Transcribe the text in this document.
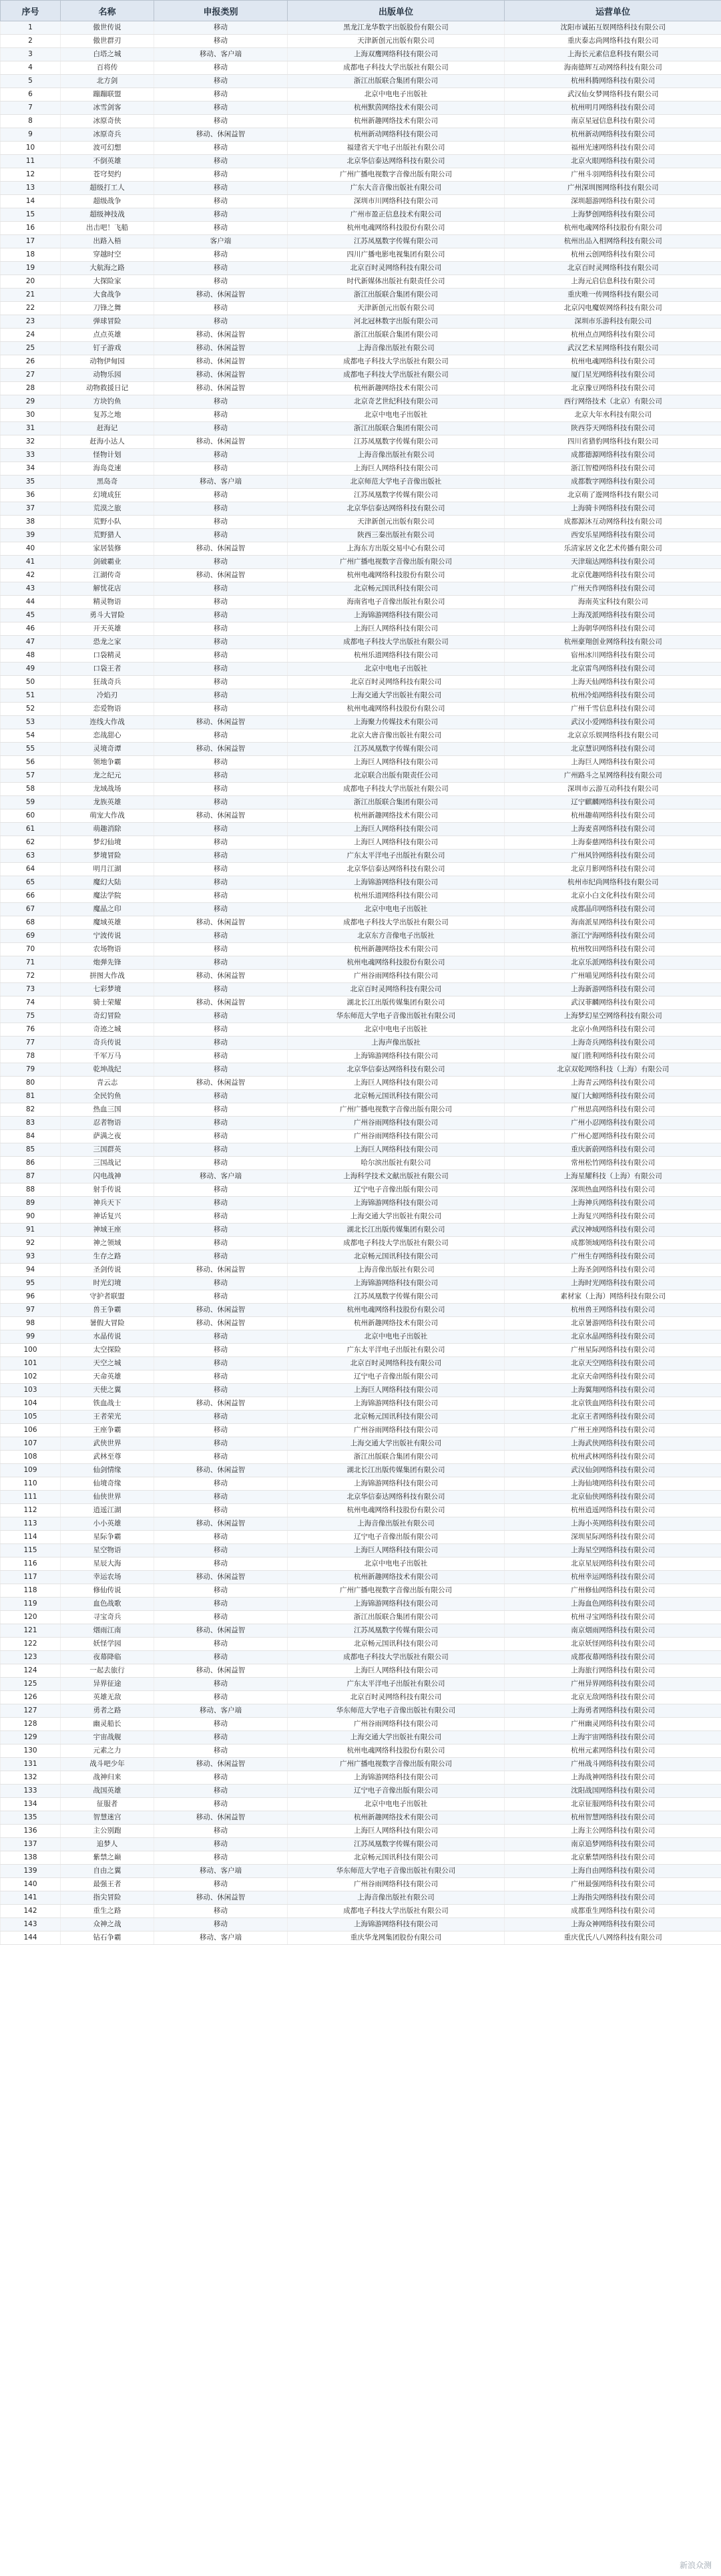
序号	名称	申报类别	出版单位	运营单位
1	傲世传说	移动	黑龙江龙华数字出版股份有限公司	沈阳市诚拓互娱网络科技有限公司
2	傲世群刃	移动	天津新创元出版有限公司	重庆泰志尚网络科技有限公司
3	白塔之城	移动、客户端	上海双鹰网络科技有限公司	上海长元素信息科技有限公司
4	百将传	移动	成都电子科技大学出版社有限公司	海南德辉互动网络科技有限公司
5	北方剑	移动	浙江出版联合集团有限公司	杭州科腾网络科技有限公司
6	蹦蹦联盟	移动	北京中电电子出版社	武汉仙女梦网络科技有限公司
7	冰雪剑客	移动	杭州默茵网络技术有限公司	杭州明月网络科技有限公司
8	冰原奇侠	移动	杭州新趣网络技术有限公司	南京星冠信息科技有限公司
9	冰原奇兵	移动、休闲益智	杭州新动网络科技有限公司	杭州新动网络科技有限公司
10	波可幻想	移动	福建省天宇电子出版社有限公司	福州光速网络科技有限公司
11	不倒英雄	移动	北京华信泰达网络科技有限公司	北京火眼网络科技有限公司
12	苍穹契约	移动	广州广播电视数字音像出版有限公司	广州斗羽网络科技有限公司
13	超级打工人	移动	广东大音音像出版社有限公司	广州深圳图网络科技有限公司
14	超级战争	移动	深圳市川网络科技有限公司	深圳超游网络科技有限公司
15	超级神技战	移动	广州市盈正信息技术有限公司	上海梦创网络科技有限公司
16	出击吧！飞船	移动	杭州电魂网络科技股份有限公司	杭州电魂网络科技股份有限公司
17	出路入梧	客户端	江苏凤凰数字传媒有限公司	杭州出品入相网络科技有限公司
18	穿越时空	移动	四川广播电影电视集团有限公司	杭州云创网络科技有限公司
19	大航海之路	移动	北京百时灵网络科技有限公司	北京百时灵网络科技有限公司
20	大探险家	移动	时代新媒体出版社有限责任公司	上海元启信息科技有限公司
21	大食战争	移动、休闲益智	浙江出版联合集团有限公司	重庆唯一传网络科技有限公司
22	刀锋之舞	移动	天津新创元出版有限公司	北京闪电魔娱网络科技有限公司
23	弹球冒险	移动	河北冠林数字出版有限公司	深圳市乐游科技有限公司
24	点点英雄	移动、休闲益智	浙江出版联合集团有限公司	杭州点点网络科技有限公司
25	钉子游戏	移动、休闲益智	上海音像出版社有限公司	武汉艺术星网络科技有限公司
26	动物伊甸园	移动、休闲益智	成都电子科技大学出版社有限公司	杭州电魂网络科技有限公司
27	动物乐园	移动、休闲益智	成都电子科技大学出版社有限公司	厦门星光网络科技有限公司
28	动物救援日记	移动、休闲益智	杭州新趣网络技术有限公司	北京豫豆网络科技有限公司
29	方块钓鱼	移动	北京奇艺世纪科技有限公司	西行网络技术（北京）有限公司
30	复苏之地	移动	北京中电电子出版社	北京大年水科技有限公司
31	赶海记	移动	浙江出版联合集团有限公司	陕西芬天网络科技有限公司
32	赶海小达人	移动、休闲益智	江苏凤凰数字传媒有限公司	四川省猎豹网络科技有限公司
33	怪物计划	移动	上海音像出版社有限公司	成都德源网络科技有限公司
34	海岛竞速	移动	上海巨人网络科技有限公司	浙江智橙网络科技有限公司
35	黑岛奇	移动、客户端	北京师范大学电子音像出版社	成都数字网络科技有限公司
36	幻境成狂	移动	江苏凤凰数字传媒有限公司	北京萌了遊网络科技有限公司
37	荒漠之旅	移动	北京华信泰达网络科技有限公司	上海骑卡网络科技有限公司
38	荒野小队	移动	天津新创元出版有限公司	成都源沐互动网络科技有限公司
39	荒野猎人	移动	陕西三秦出版社有限公司	西安乐星网络科技有限公司
40	家居装修	移动、休闲益智	上海东方出版交易中心有限公司	乐清家居文化艺术传播有限公司
41	剑破霸业	移动	广州广播电视数字音像出版有限公司	天津瑞达网络科技有限公司
42	江湖传奇	移动、休闲益智	杭州电魂网络科技股份有限公司	北京优趣网络科技有限公司
43	解忧花店	移动	北京畅元国讯科技有限公司	广州天作网络科技有限公司
44	精灵物语	移动	海南省电子音像出版社有限公司	海南英宝科技有限公司
45	勇斗大冒险	移动	上海锦游网络科技有限公司	上海茂派网络科技有限公司
46	开天英雄	移动	上海巨人网络科技有限公司	上海朝华网络科技有限公司
47	恐龙之家	移动	成都电子科技大学出版社有限公司	杭州豪翔创业网络科技有限公司
48	口袋精灵	移动	杭州乐道网络科技有限公司	宿州冰川网络科技有限公司
49	口袋王者	移动	北京中电电子出版社	北京雷鸟网络科技有限公司
50	狂战奇兵	移动	北京百时灵网络科技有限公司	上海天仙网络科技有限公司
51	冷焰刃	移动	上海交通大学出版社有限公司	杭州冷焰网络科技有限公司
52	恋爱物语	移动	杭州电魂网络科技股份有限公司	广州千雪信息科技有限公司
53	连线大作战	移动、休闲益智	上海聚力传媒技术有限公司	武汉小爱网络科技有限公司
54	恋战甜心	移动	北京大唐音像出版社有限公司	北京京乐娱网络科技有限公司
55	灵境奇谭	移动、休闲益智	江苏凤凰数字传媒有限公司	北京慧识网络科技有限公司
56	领地争霸	移动	上海巨人网络科技有限公司	上海巨人网络科技有限公司
57	龙之纪元	移动	北京联合出版有限责任公司	广州路斗之星网络科技有限公司
58	龙域战场	移动	成都电子科技大学出版社有限公司	深圳市云游互动科技有限公司
59	龙族英雄	移动	浙江出版联合集团有限公司	辽宁麒麟网络科技有限公司
60	萌宠大作战	移动、休闲益智	杭州新趣网络技术有限公司	杭州趣萌网络科技有限公司
61	萌趣消除	移动	上海巨人网络科技有限公司	上海麦喜网络科技有限公司
62	梦幻仙境	移动	上海巨人网络科技有限公司	上海泰慈网络科技有限公司
63	梦境冒险	移动	广东太平洋电子出版社有限公司	广州风铃网络科技有限公司
64	明月江湖	移动	北京华信泰达网络科技有限公司	北京月影网络科技有限公司
65	魔幻大陆	移动	上海锦游网络科技有限公司	杭州市纪尚网络科技有限公司
66	魔法学院	移动	杭州乐道网络科技有限公司	北京小白文化科技有限公司
67	魔晶之印	移动	北京中电电子出版社	成都晶印网络科技有限公司
68	魔域英雄	移动、休闲益智	成都电子科技大学出版社有限公司	海南派星网络科技有限公司
69	宁波传说	移动	北京东方音像电子出版社	浙江宁海网络科技有限公司
70	农场物语	移动	杭州新趣网络技术有限公司	杭州牧田网络科技有限公司
71	炮弹先锋	移动	杭州电魂网络科技股份有限公司	北京乐派网络科技有限公司
72	拼图大作战	移动、休闲益智	广州谷雨网络科技有限公司	广州喵见网络科技有限公司
73	七彩梦境	移动	北京百时灵网络科技有限公司	上海新游网络科技有限公司
74	骑士荣耀	移动、休闲益智	湖北长江出版传媒集团有限公司	武汉菲麟网络科技有限公司
75	奇幻冒险	移动	华东师范大学电子音像出版社有限公司	上海梦幻星空网络科技有限公司
76	奇迹之城	移动	北京中电电子出版社	北京小鱼网络科技有限公司
77	奇兵传说	移动	上海声像出版社	上海奇兵网络科技有限公司
78	千军万马	移动	上海锦游网络科技有限公司	厦门胜利网络科技有限公司
79	乾坤战纪	移动	北京华信泰达网络科技有限公司	北京双乾网络科技（上海）有限公司
80	青云志	移动、休闲益智	上海巨人网络科技有限公司	上海青云网络科技有限公司
81	全民钓鱼	移动	北京畅元国讯科技有限公司	厦门大鲸网络科技有限公司
82	热血三国	移动	广州广播电视数字音像出版有限公司	广州思高网络科技有限公司
83	忍者物语	移动	广州谷雨网络科技有限公司	广州小忍网络科技有限公司
84	萨满之夜	移动	广州谷雨网络科技有限公司	广州心愿网络科技有限公司
85	三国群英	移动	上海巨人网络科技有限公司	重庆新蔚网络科技有限公司
86	三国战记	移动	哈尔滨出版社有限公司	常州松竹网络科技有限公司
87	闪电战神	移动、客户端	上海科学技术文献出版社有限公司	上海星耀科技（上海）有限公司
88	射手传说	移动	辽宁电子音像出版有限公司	深圳热血网络科技有限公司
89	神兵天下	移动	上海锦游网络科技有限公司	上海神兵网络科技有限公司
90	神话复兴	移动	上海交通大学出版社有限公司	上海复兴网络科技有限公司
91	神域王座	移动	湖北长江出版传媒集团有限公司	武汉神域网络科技有限公司
92	神之领域	移动	成都电子科技大学出版社有限公司	成都领域网络科技有限公司
93	生存之路	移动	北京畅元国讯科技有限公司	广州生存网络科技有限公司
94	圣剑传说	移动、休闲益智	上海音像出版社有限公司	上海圣剑网络科技有限公司
95	时光幻境	移动	上海锦游网络科技有限公司	上海时光网络科技有限公司
96	守护者联盟	移动	江苏凤凰数字传媒有限公司	素材家（上海）网络科技有限公司
97	兽王争霸	移动、休闲益智	杭州电魂网络科技股份有限公司	杭州兽王网络科技有限公司
98	暑假大冒险	移动、休闲益智	杭州新趣网络技术有限公司	北京暑游网络科技有限公司
99	水晶传说	移动	北京中电电子出版社	北京水晶网络科技有限公司
100	太空探险	移动	广东太平洋电子出版社有限公司	广州星际网络科技有限公司
101	天空之城	移动	北京百时灵网络科技有限公司	北京天空网络科技有限公司
102	天命英雄	移动	辽宁电子音像出版有限公司	北京天命网络科技有限公司
103	天使之翼	移动	上海巨人网络科技有限公司	上海翼翔网络科技有限公司
104	铁血战士	移动、休闲益智	上海锦游网络科技有限公司	北京铁血网络科技有限公司
105	王者荣光	移动	北京畅元国讯科技有限公司	北京王者网络科技有限公司
106	王座争霸	移动	广州谷雨网络科技有限公司	广州王座网络科技有限公司
107	武侠世界	移动	上海交通大学出版社有限公司	上海武侠网络科技有限公司
108	武林至尊	移动	浙江出版联合集团有限公司	杭州武林网络科技有限公司
109	仙剑情缘	移动、休闲益智	湖北长江出版传媒集团有限公司	武汉仙剑网络科技有限公司
110	仙境奇缘	移动	上海锦游网络科技有限公司	上海仙境网络科技有限公司
111	仙侠世界	移动	北京华信泰达网络科技有限公司	北京仙侠网络科技有限公司
112	逍遥江湖	移动	杭州电魂网络科技股份有限公司	杭州逍遥网络科技有限公司
113	小小英雄	移动、休闲益智	上海音像出版社有限公司	上海小英网络科技有限公司
114	星际争霸	移动	辽宁电子音像出版有限公司	深圳星际网络科技有限公司
115	星空物语	移动	上海巨人网络科技有限公司	上海星空网络科技有限公司
116	星辰大海	移动	北京中电电子出版社	北京星辰网络科技有限公司
117	幸运农场	移动、休闲益智	杭州新趣网络技术有限公司	杭州幸运网络科技有限公司
118	修仙传说	移动	广州广播电视数字音像出版有限公司	广州修仙网络科技有限公司
119	血色战歌	移动	上海锦游网络科技有限公司	上海血色网络科技有限公司
120	寻宝奇兵	移动	浙江出版联合集团有限公司	杭州寻宝网络科技有限公司
121	烟雨江南	移动、休闲益智	江苏凤凰数字传媒有限公司	南京烟雨网络科技有限公司
122	妖怪学园	移动	北京畅元国讯科技有限公司	北京妖怪网络科技有限公司
123	夜幕降临	移动	成都电子科技大学出版社有限公司	成都夜幕网络科技有限公司
124	一起去旅行	移动、休闲益智	上海巨人网络科技有限公司	上海旅行网络科技有限公司
125	异界征途	移动	广东太平洋电子出版社有限公司	广州异界网络科技有限公司
126	英雄无敌	移动	北京百时灵网络科技有限公司	北京无敌网络科技有限公司
127	勇者之路	移动、客户端	华东师范大学电子音像出版社有限公司	上海勇者网络科技有限公司
128	幽灵船长	移动	广州谷雨网络科技有限公司	广州幽灵网络科技有限公司
129	宇宙战舰	移动	上海交通大学出版社有限公司	上海宇宙网络科技有限公司
130	元素之力	移动	杭州电魂网络科技股份有限公司	杭州元素网络科技有限公司
131	战斗吧少年	移动、休闲益智	广州广播电视数字音像出版有限公司	广州战斗网络科技有限公司
132	战神归来	移动	上海锦游网络科技有限公司	上海战神网络科技有限公司
133	战国英雄	移动	辽宁电子音像出版有限公司	沈阳战国网络科技有限公司
134	征服者	移动	北京中电电子出版社	北京征服网络科技有限公司
135	智慧迷宫	移动、休闲益智	杭州新趣网络技术有限公司	杭州智慧网络科技有限公司
136	主公别跑	移动	上海巨人网络科技有限公司	上海主公网络科技有限公司
137	追梦人	移动	江苏凤凰数字传媒有限公司	南京追梦网络科技有限公司
138	紫禁之巅	移动	北京畅元国讯科技有限公司	北京紫禁网络科技有限公司
139	自由之翼	移动、客户端	华东师范大学电子音像出版社有限公司	上海自由网络科技有限公司
140	最强王者	移动	广州谷雨网络科技有限公司	广州最强网络科技有限公司
141	指尖冒险	移动、休闲益智	上海音像出版社有限公司	上海指尖网络科技有限公司
142	重生之路	移动	成都电子科技大学出版社有限公司	成都重生网络科技有限公司
143	众神之战	移动	上海锦游网络科技有限公司	上海众神网络科技有限公司
144	钻石争霸	移动、客户端	重庆华龙网集团股份有限公司	重庆优氏八八网络科技有限公司
新浪众测
